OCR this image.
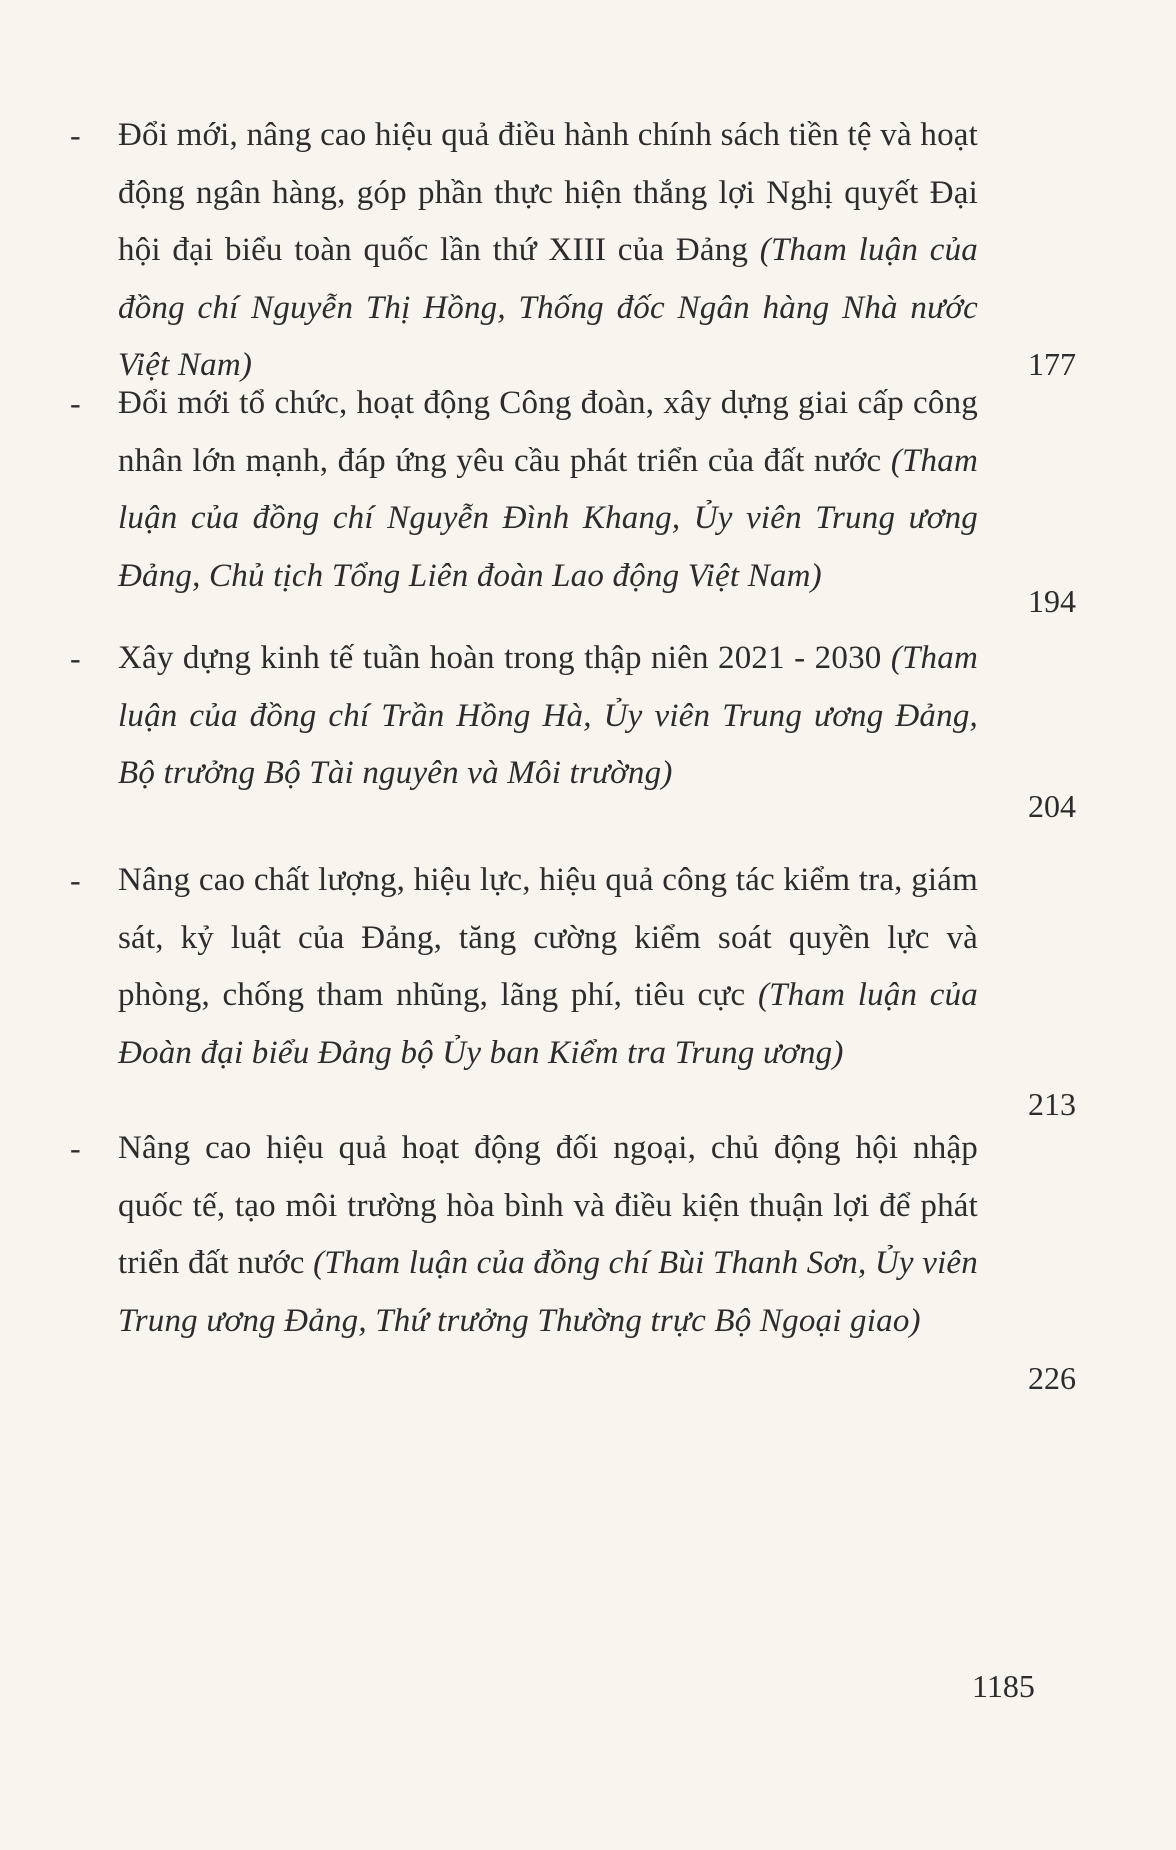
- Đổi mới, nâng cao hiệu quả điều hành chính sách tiền tệ và hoạt động ngân hàng, góp phần thực hiện thắng lợi Nghị quyết Đại hội đại biểu toàn quốc lần thứ XIII của Đảng (Tham luận của đồng chí Nguyễn Thị Hồng, Thống đốc Ngân hàng Nhà nước Việt Nam)	177
- Đổi mới tổ chức, hoạt động Công đoàn, xây dựng giai cấp công nhân lớn mạnh, đáp ứng yêu cầu phát triển của đất nước (Tham luận của đồng chí Nguyễn Đình Khang, Ủy viên Trung ương Đảng, Chủ tịch Tổng Liên đoàn Lao động Việt Nam)
194
- Xây dựng kinh tế tuần hoàn trong thập niên 2021 - 2030 (Tham luận của đồng chí Trần Hồng Hà, Ủy viên Trung ương Đảng, Bộ trưởng Bộ Tài nguyên và Môi trường)
204
- Nâng cao chất lượng, hiệu lực, hiệu quả công tác kiểm tra, giám sát, kỷ luật của Đảng, tăng cường kiểm soát quyền lực và phòng, chống tham nhũng, lãng phí, tiêu cực (Tham luận của Đoàn đại biểu Đảng bộ Ủy ban Kiểm tra Trung ương)
213
- Nâng cao hiệu quả hoạt động đối ngoại, chủ động hội nhập quốc tế, tạo môi trường hòa bình và điều kiện thuận lợi để phát triển đất nước (Tham luận của đồng chí Bùi Thanh Sơn, Ủy viên Trung ương Đảng, Thứ trưởng Thường trực Bộ Ngoại giao)
226
1185
